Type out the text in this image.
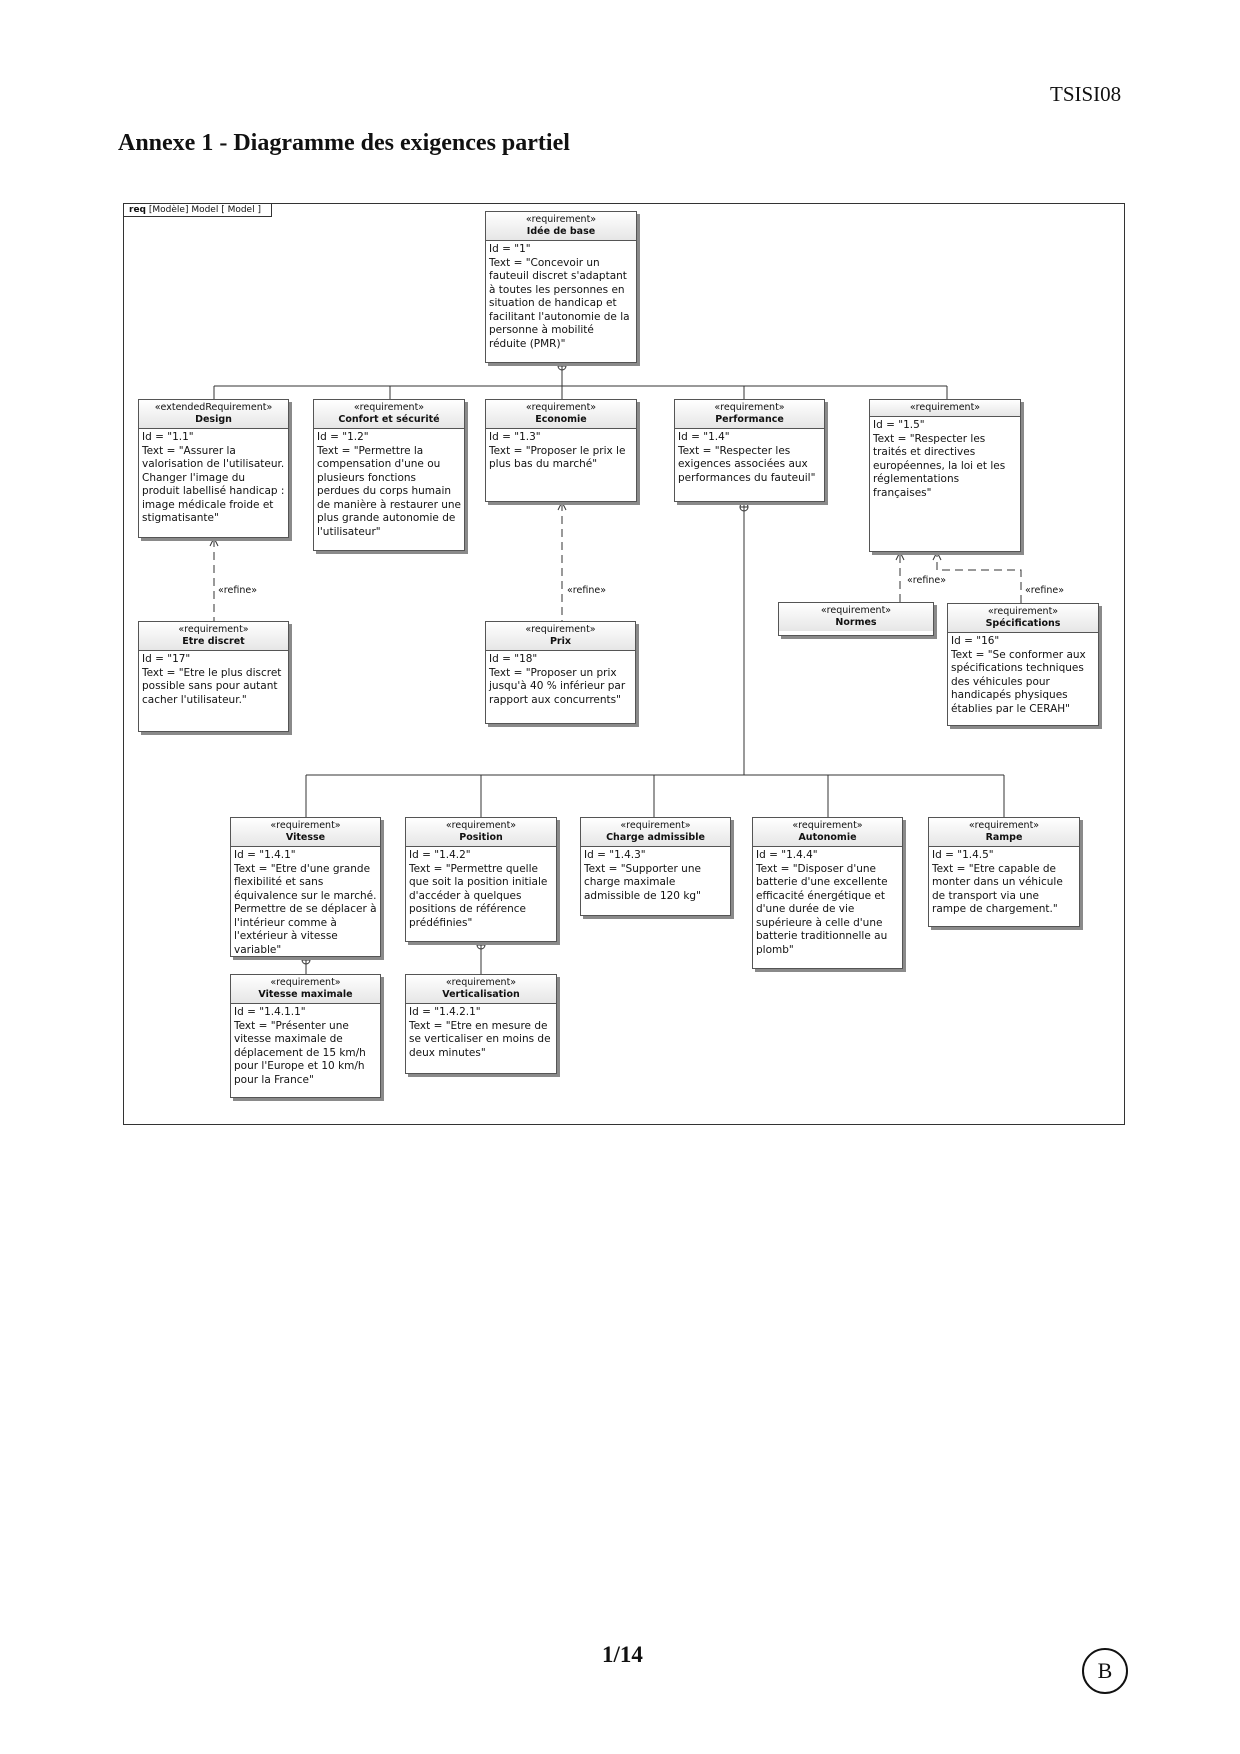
TSISI08
Annexe 1 - Diagramme des exigences partiel
req [Modèle] Model [ Model ]
«refine»	«refine»
«refine»
«refine»
«requirement»
Idée de base
Id = "1"
Text = "Concevoir un fauteuil discret s'adaptant à toutes les personnes en situation de handicap et facilitant l'autonomie de la personne à mobilité réduite (PMR)"
«extendedRequirement»
Design
Id = "1.1"
Text = "Assurer la valorisation de l'utilisateur. Changer l'image du produit labellisé handicap : image médicale froide et stigmatisante"
«requirement»
Confort et sécurité
Id = "1.2"
Text = "Permettre la compensation d'une ou plusieurs fonctions perdues du corps humain de manière à restaurer une plus grande autonomie de l'utilisateur"
«requirement»
Economie
Id = "1.3"
Text = "Proposer le prix le plus bas du marché"
«requirement»
Performance
Id = "1.4"
Text = "Respecter les exigences associées aux performances du fauteuil"
«requirement»
Id = "1.5"
Text = "Respecter les traités et directives européennes, la loi et les réglementations françaises"
«requirement»
Etre discret
Id = "17"
Text = "Etre le plus discret possible sans pour autant cacher l'utilisateur."
«requirement»
Prix
Id = "18"
Text = "Proposer un prix jusqu'à 40 % inférieur par rapport aux concurrents"
«requirement»
Normes
«requirement»
Spécifications
Id = "16"
Text = "Se conformer aux spécifications techniques des véhicules pour handicapés physiques établies par le CERAH"
«requirement»
Vitesse
Id = "1.4.1"
Text = "Etre d'une grande flexibilité et sans équivalence sur le marché. Permettre de se déplacer à l'intérieur comme à l'extérieur à vitesse variable"
«requirement»
Position
Id = "1.4.2"
Text = "Permettre quelle que soit la position initiale d'accéder à quelques positions de référence prédéfinies"
«requirement»
Charge admissible
Id = "1.4.3"
Text = "Supporter une charge maximale admissible de 120 kg"
«requirement»
Autonomie
Id = "1.4.4"
Text = "Disposer d'une batterie d'une excellente efficacité énergétique et d'une durée de vie supérieure à celle d'une batterie traditionnelle au plomb"
«requirement»
Rampe
Id = "1.4.5"
Text = "Etre capable de monter dans un véhicule de transport via une rampe de chargement."
«requirement»
Vitesse maximale
Id = "1.4.1.1"
Text = "Présenter une vitesse maximale de déplacement de 15 km/h pour l'Europe et 10 km/h pour la France"
«requirement»
Verticalisation
Id = "1.4.2.1"
Text = "Etre en mesure de se verticaliser en moins de deux minutes"
1/14
B
